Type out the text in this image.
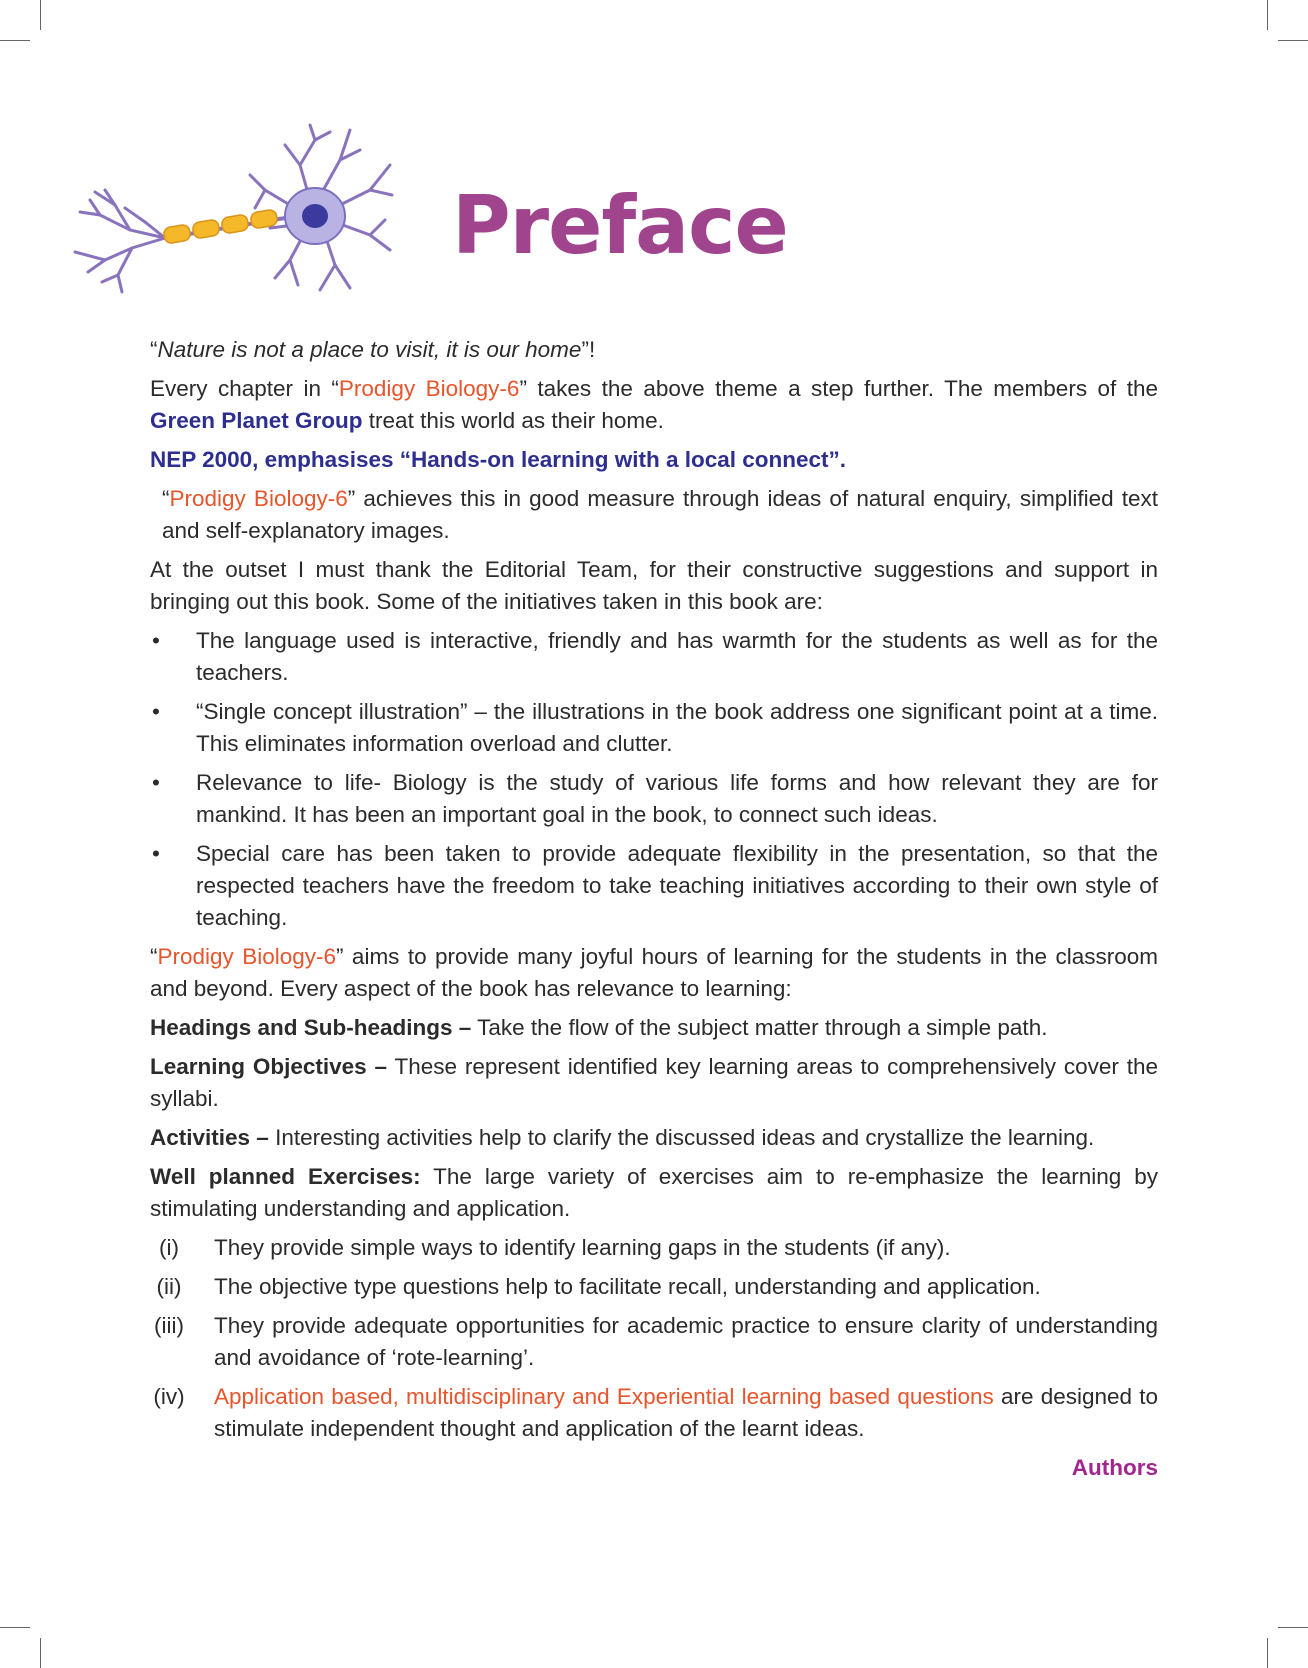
Preface

“Nature is not a place to visit, it is our home”!

Every chapter in “Prodigy Biology-6” takes the above theme a step further. The members of the Green Planet Group treat this world as their home.

NEP 2000, emphasises “Hands-on learning with a local connect”.

“Prodigy Biology-6” achieves this in good measure through ideas of natural enquiry, simplified text and self-explanatory images.

At the outset I must thank the Editorial Team, for their constructive suggestions and support in bringing out this book. Some of the initiatives taken in this book are:

• The language used is interactive, friendly and has warmth for the students as well as for the teachers.
• “Single concept illustration” – the illustrations in the book address one significant point at a time. This eliminates information overload and clutter.
• Relevance to life- Biology is the study of various life forms and how relevant they are for mankind. It has been an important goal in the book, to connect such ideas.
• Special care has been taken to provide adequate flexibility in the presentation, so that the respected teachers have the freedom to take teaching initiatives according to their own style of teaching.

“Prodigy Biology-6” aims to provide many joyful hours of learning for the students in the classroom and beyond. Every aspect of the book has relevance to learning:

Headings and Sub-headings – Take the flow of the subject matter through a simple path.

Learning Objectives – These represent identified key learning areas to comprehensively cover the syllabi.

Activities – Interesting activities help to clarify the discussed ideas and crystallize the learning.

Well planned Exercises: The large variety of exercises aim to re-emphasize the learning by stimulating understanding and application.

(i)	They provide simple ways to identify learning gaps in the students (if any).
(ii) The objective type questions help to facilitate recall, understanding and application.
(iii) They provide adequate opportunities for academic practice to ensure clarity of understanding and avoidance of ‘rote-learning’.
(iv) Application based, multidisciplinary and Experiential learning based questions are designed to stimulate independent thought and application of the learnt ideas.
Authors
